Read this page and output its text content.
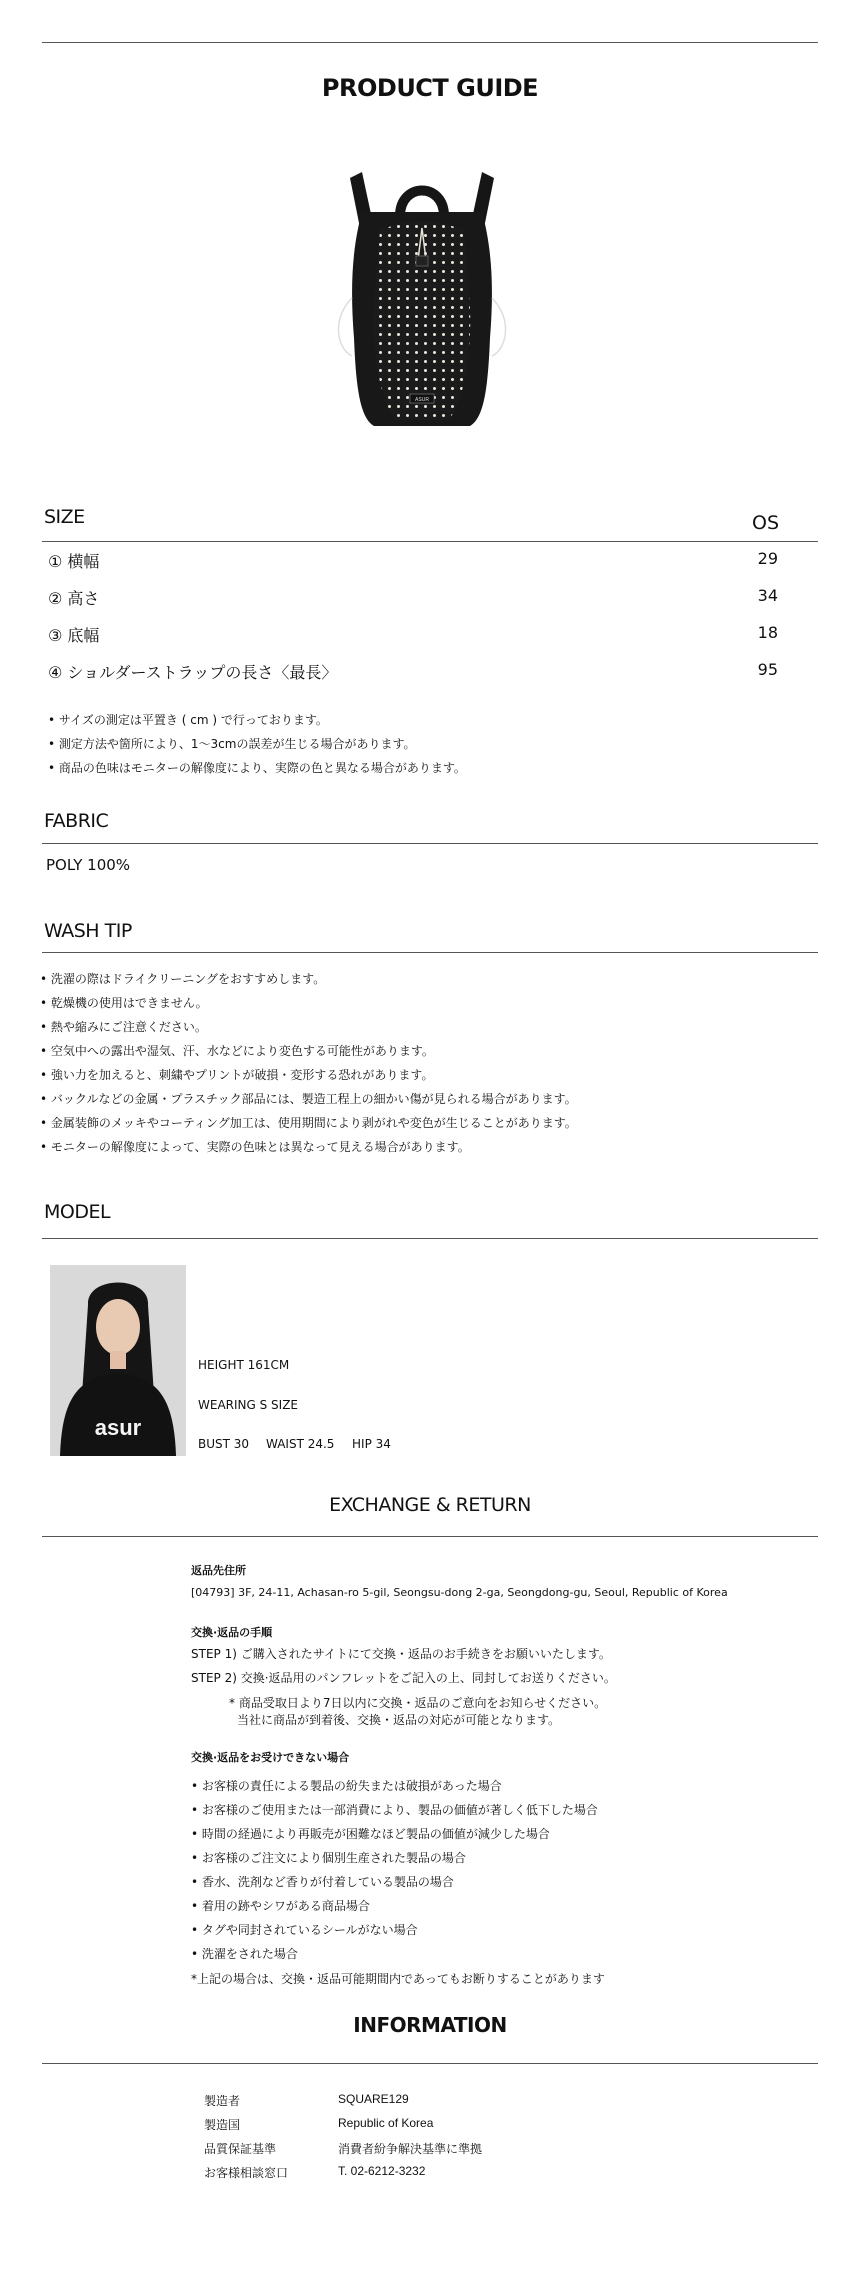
PRODUCT GUIDE
ASUR
SIZE	OS
① 横幅	29
② 高さ	34
③ 底幅	18
④ ショルダーストラップの長さ〈最長〉	95
• サイズの測定は平置き ( cm ) で行っております。
• 測定方法や箇所により、1〜3cmの誤差が生じる場合があります。
• 商品の色味はモニターの解像度により、実際の色と異なる場合があります。
FABRIC
POLY 100%
WASH TIP
• 洗濯の際はドライクリーニングをおすすめします。
• 乾燥機の使用はできません。
• 熱や縮みにご注意ください。
• 空気中への露出や湿気、汗、水などにより変色する可能性があります。
• 強い力を加えると、刺繍やプリントが破損・変形する恐れがあります。
• バックルなどの金属・プラスチック部品には、製造工程上の細かい傷が見られる場合があります。
• 金属装飾のメッキやコーティング加工は、使用期間により剥がれや変色が生じることがあります。
• モニターの解像度によって、実際の色味とは異なって見える場合があります。
MODEL
asur
HEIGHT 161CM
WEARING S SIZE
BUST 30 WAIST 24.5 HIP 34
EXCHANGE & RETURN
返品先住所
[04793] 3F, 24-11, Achasan-ro 5-gil, Seongsu-dong 2-ga, Seongdong-gu, Seoul, Republic of Korea
交換·返品の手順
STEP 1) ご購入されたサイトにて交換・返品のお手続きをお願いいたします。
STEP 2) 交換·返品用のパンフレットをご記入の上、同封してお送りください。
* 商品受取日より7日以内に交換・返品のご意向をお知らせください。
当社に商品が到着後、交換・返品の対応が可能となります。
交換·返品をお受けできない場合
• お客様の責任による製品の紛失または破損があった場合
• お客様のご使用または一部消費により、製品の価値が著しく低下した場合
• 時間の経過により再販売が困難なほど製品の価値が減少した場合
• お客様のご注文により個別生産された製品の場合
• 香水、洗剤など香りが付着している製品の場合
• 着用の跡やシワがある商品場合
• タグや同封されているシールがない場合
• 洗濯をされた場合
*上記の場合は、交換・返品可能期間内であってもお断りすることがあります
INFORMATION
製造者	SQUARE129
製造国	Republic of Korea
品質保証基準	消費者紛争解決基準に準拠
お客様相談窓口	T. 02-6212-3232
